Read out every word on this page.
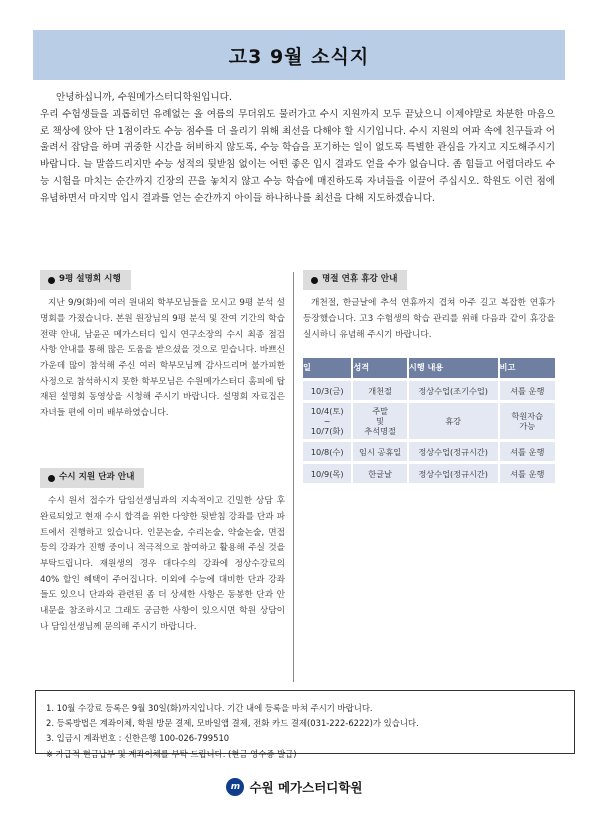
고3 9월 소식지

안녕하십니까, 수원메가스터디학원입니다.

우리 수험생들을 괴롭히던 유례없는 올 여름의 무더위도 물러가고 수시 지원까지 모두 끝났으니 이제야말로 차분한 마음으로 책상에 앉아 단 1점이라도 수능 점수를 더 올리기 위해 최선을 다해야 할 시기입니다. 수시 지원의 여파 속에 친구들과 어울려서 잡담을 하며 귀중한 시간을 허비하지 않도록, 수능 학습을 포기하는 일이 없도록 특별한 관심을 가지고 지도해주시기 바랍니다. 늘 말씀드리지만 수능 성적의 뒷받침 없이는 어떤 좋은 입시 결과도 얻을 수가 없습니다. 좀 힘들고 어렵더라도 수능 시험을 마치는 순간까지 긴장의 끈을 놓치지 않고 수능 학습에 매진하도록 자녀들을 이끌어 주십시오. 학원도 이런 점에 유념하면서 마지막 입시 결과를 얻는 순간까지 아이들 하나하나를 최선을 다해 지도하겠습니다.

9평 설명회 시행

지난 9/9(화)에 여러 원내외 학부모님들을 모시고 9평 분석 설명회를 가졌습니다. 본원 원장님의 9평 분석 및 잔여 기간의 학습 전략 안내, 남윤곤 메가스터디 입시 연구소장의 수시 최종 점검 사항 안내를 통해 많은 도움을 받으셨을 것으로 믿습니다. 바쁘신 가운데 많이 참석해 주신 여러 학부모님께 감사드리며 불가피한 사정으로 참석하시지 못한 학부모님은 수원메가스터디 홈피에 탑재된 설명회 동영상을 시청해 주시기 바랍니다. 설명회 자료집은 자녀들 편에 이미 배부하였습니다.

수시 지원 단과 안내

수시 원서 접수가 담임선생님과의 지속적이고 긴밀한 상담 후 완료되었고 현재 수시 합격을 위한 다양한 뒷받침 강좌를 단과 파트에서 진행하고 있습니다. 인문논술, 수리논술, 약술논술, 면접 등의 강좌가 진행 중이니 적극적으로 참여하고 활용해 주실 것을 부탁드립니다. 재원생의 경우 대다수의 강좌에 정상수강료의 40% 할인 혜택이 주어집니다. 이외에 수능에 대비한 단과 강좌들도 있으니 단과와 관련된 좀 더 상세한 사항은 동봉한 단과 안내문을 참조하시고 그래도 궁금한 사항이 있으시면 학원 상담이나 담임선생님께 문의해 주시기 바랍니다.

명절 연휴 휴강 안내

개천절, 한글날에 추석 연휴까지 겹쳐 아주 길고 복잡한 연휴가 등장했습니다. 고3 수험생의 학습 관리를 위해 다음과 같이 휴강을 실시하니 유념해 주시기 바랍니다.

일	성격	시행 내용	비고
10/3(금)	개천절	정상수업(조기수업)	셔틀 운행
10/4(토)
~
10/7(화)	주말
및
추석명절	휴강	학원자습
가능
10/8(수)	임시 공휴일	정상수업(정규시간)	셔틀 운행
10/9(목)	한글날	정상수업(정규시간)	셔틀 운행
1. 10월 수강료 등록은 9월 30일(화)까지입니다. 기간 내에 등록을 마쳐 주시기 바랍니다.
2. 등록방법은 계좌이체, 학원 방문 결제, 모바일앱 결제, 전화 카드 결제(031-222-6222)가 있습니다.
3. 입금시 계좌번호 : 신한은행 100-026-799510
※ 가급적 현금납부 및 계좌이체를 부탁 드립니다. (현금 영수증 발급)
m 수원 메가스터디학원
